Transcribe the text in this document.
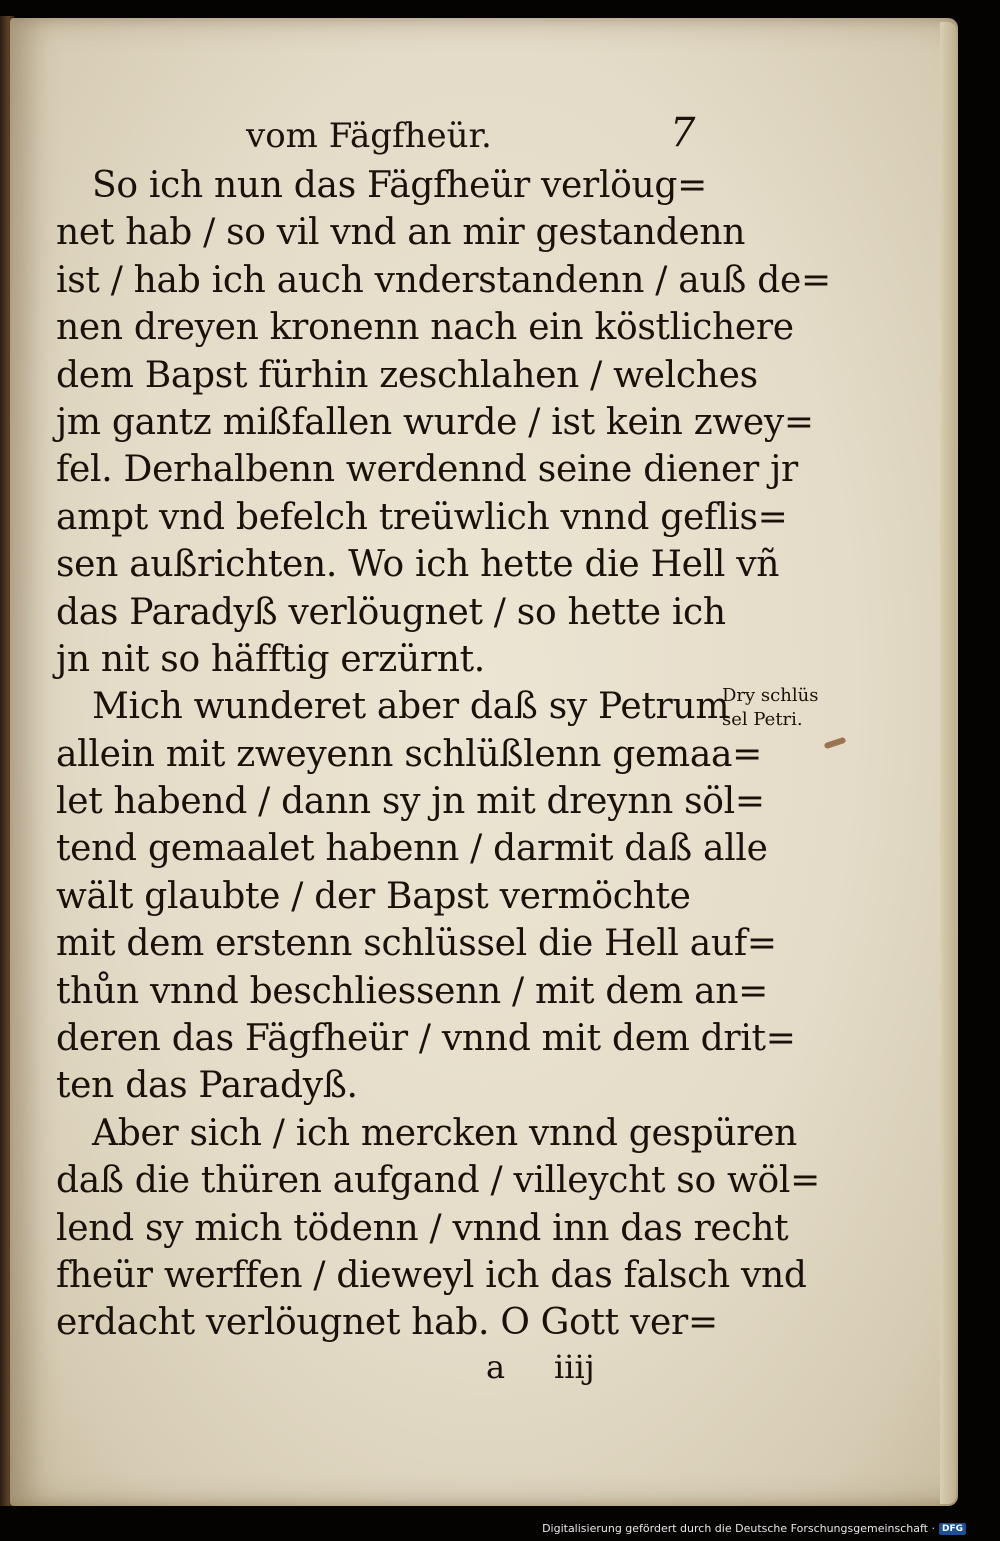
vom Fägfheür.	7
So ich nun das Fägfheür verlöug=
net hab / so vil vnd an mir gestandenn
ist / hab ich auch vnderstandenn / auß de=
nen dreyen kronenn nach ein köstlichere
dem Bapst fürhin zeschlahen / welches
jm gantz mißfallen wurde / ist kein zwey=
fel. Derhalbenn werdennd seine diener jr
ampt vnd befelch treüwlich vnnd geflis=
sen außrichten. Wo ich hette die Hell vñ
das Paradyß verlöugnet / so hette ich
jn nit so häfftig erzürnt.
Mich wunderet aber daß sy Petrum
allein mit zweyenn schlüßlenn gemaa=
let habend / dann sy jn mit dreynn söl=
tend gemaalet habenn / darmit daß alle
wält glaubte / der Bapst vermöchte
mit dem erstenn schlüssel die Hell auf=
thůn vnnd beschliessenn / mit dem an=
deren das Fägfheür / vnnd mit dem drit=
ten das Paradyß.
Aber sich / ich mercken vnnd gespüren
daß die thüren aufgand / villeycht so wöl=
lend sy mich tödenn / vnnd inn das recht
fheür werffen / dieweyl ich das falsch vnd
erdacht verlöugnet hab. O Gott ver=
Dry schlüs
sel Petri.
a iiij
Digitalisierung gefördert durch die Deutsche Forschungsgemeinschaft · DFG
